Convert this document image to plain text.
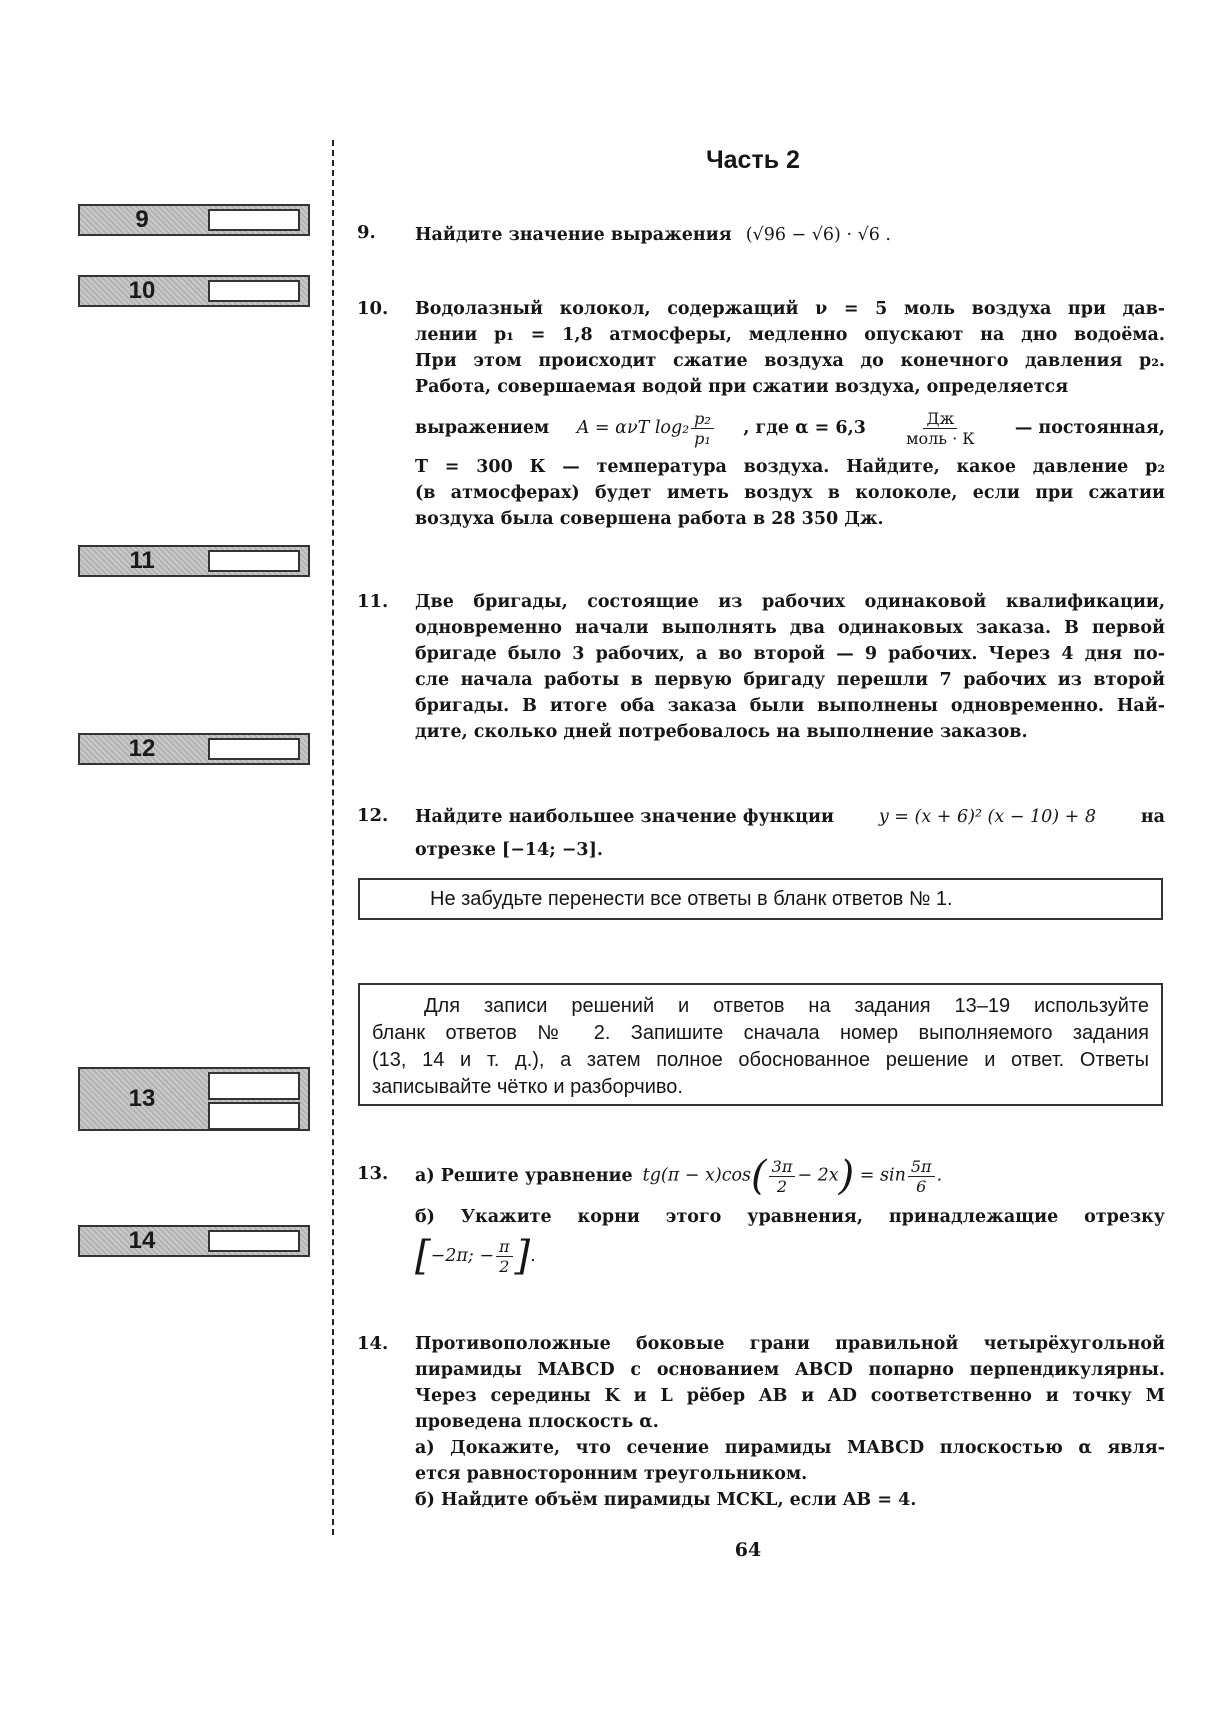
Часть 2
9
10
11
12
13
14
9. Найдите значение выражения (√96 − √6) · √6 .
10. Водолазный колокол, содержащий ν = 5 моль воздуха при дав-
лении p₁ = 1,8 атмосферы, медленно опускают на дно водоёма.
При этом происходит сжатие воздуха до конечного давления p₂.
Работа, совершаемая водой при сжатии воздуха, определяется
выражением A = ανT $\log_2 \frac{\text{p₂}}{\text{p₁}}$ , где $\alpha = 6,3 \frac{Дж}{\text{моль · К}}$ — постоянная,
T = 300 К — температура воздуха. Найдите, какое давление p₂
(в атмосферах) будет иметь воздух в колоколе, если при сжатии
воздуха была совершена работа в 28 350 Дж.
11. Две бригады, состоящие из рабочих одинаковой квалификации,
одновременно начали выполнять два одинаковых заказа. В первой
бригаде было 3 рабочих, а во второй — 9 рабочих. Через 4 дня по-
сле начала работы в первую бригаду перешли 7 рабочих из второй
бригады. В итоге оба заказа были выполнены одновременно. Най-
дите, сколько дней потребовалось на выполнение заказов.
12. Найдите наибольшее значение функции	y = (x + 6)² (x − 10) + 8	на
отрезке [−14; −3].
Не забудьте перенести все ответы в бланк ответов № 1.
Для записи решений и ответов на задания 13–19 используйте
бланк ответов № 2. Запишите сначала номер выполняемого задания
(13, 14 и т. д.), а затем полное обоснованное решение и ответ. Ответы
записывайте чётко и разборчиво.
13. а) Решите уравнение $tg(\pi - x)\cos( \frac{3\pi}{2} - 2x) = \sin \frac{5\pi}{6}$ .
б) Укажите корни этого уравнения, принадлежащие отрезку
[ −2π; − $\frac{\pi}{2}$ ] .
14. Противоположные боковые грани правильной четырёхугольной
пирамиды MABCD с основанием ABCD попарно перпендикулярны.
Через середины K и L рёбер AB и AD соответственно и точку M
проведена плоскость α.
а) Докажите, что сечение пирамиды MABCD плоскостью α явля-
ется равносторонним треугольником.
б) Найдите объём пирамиды MCKL, если AB = 4.
64
